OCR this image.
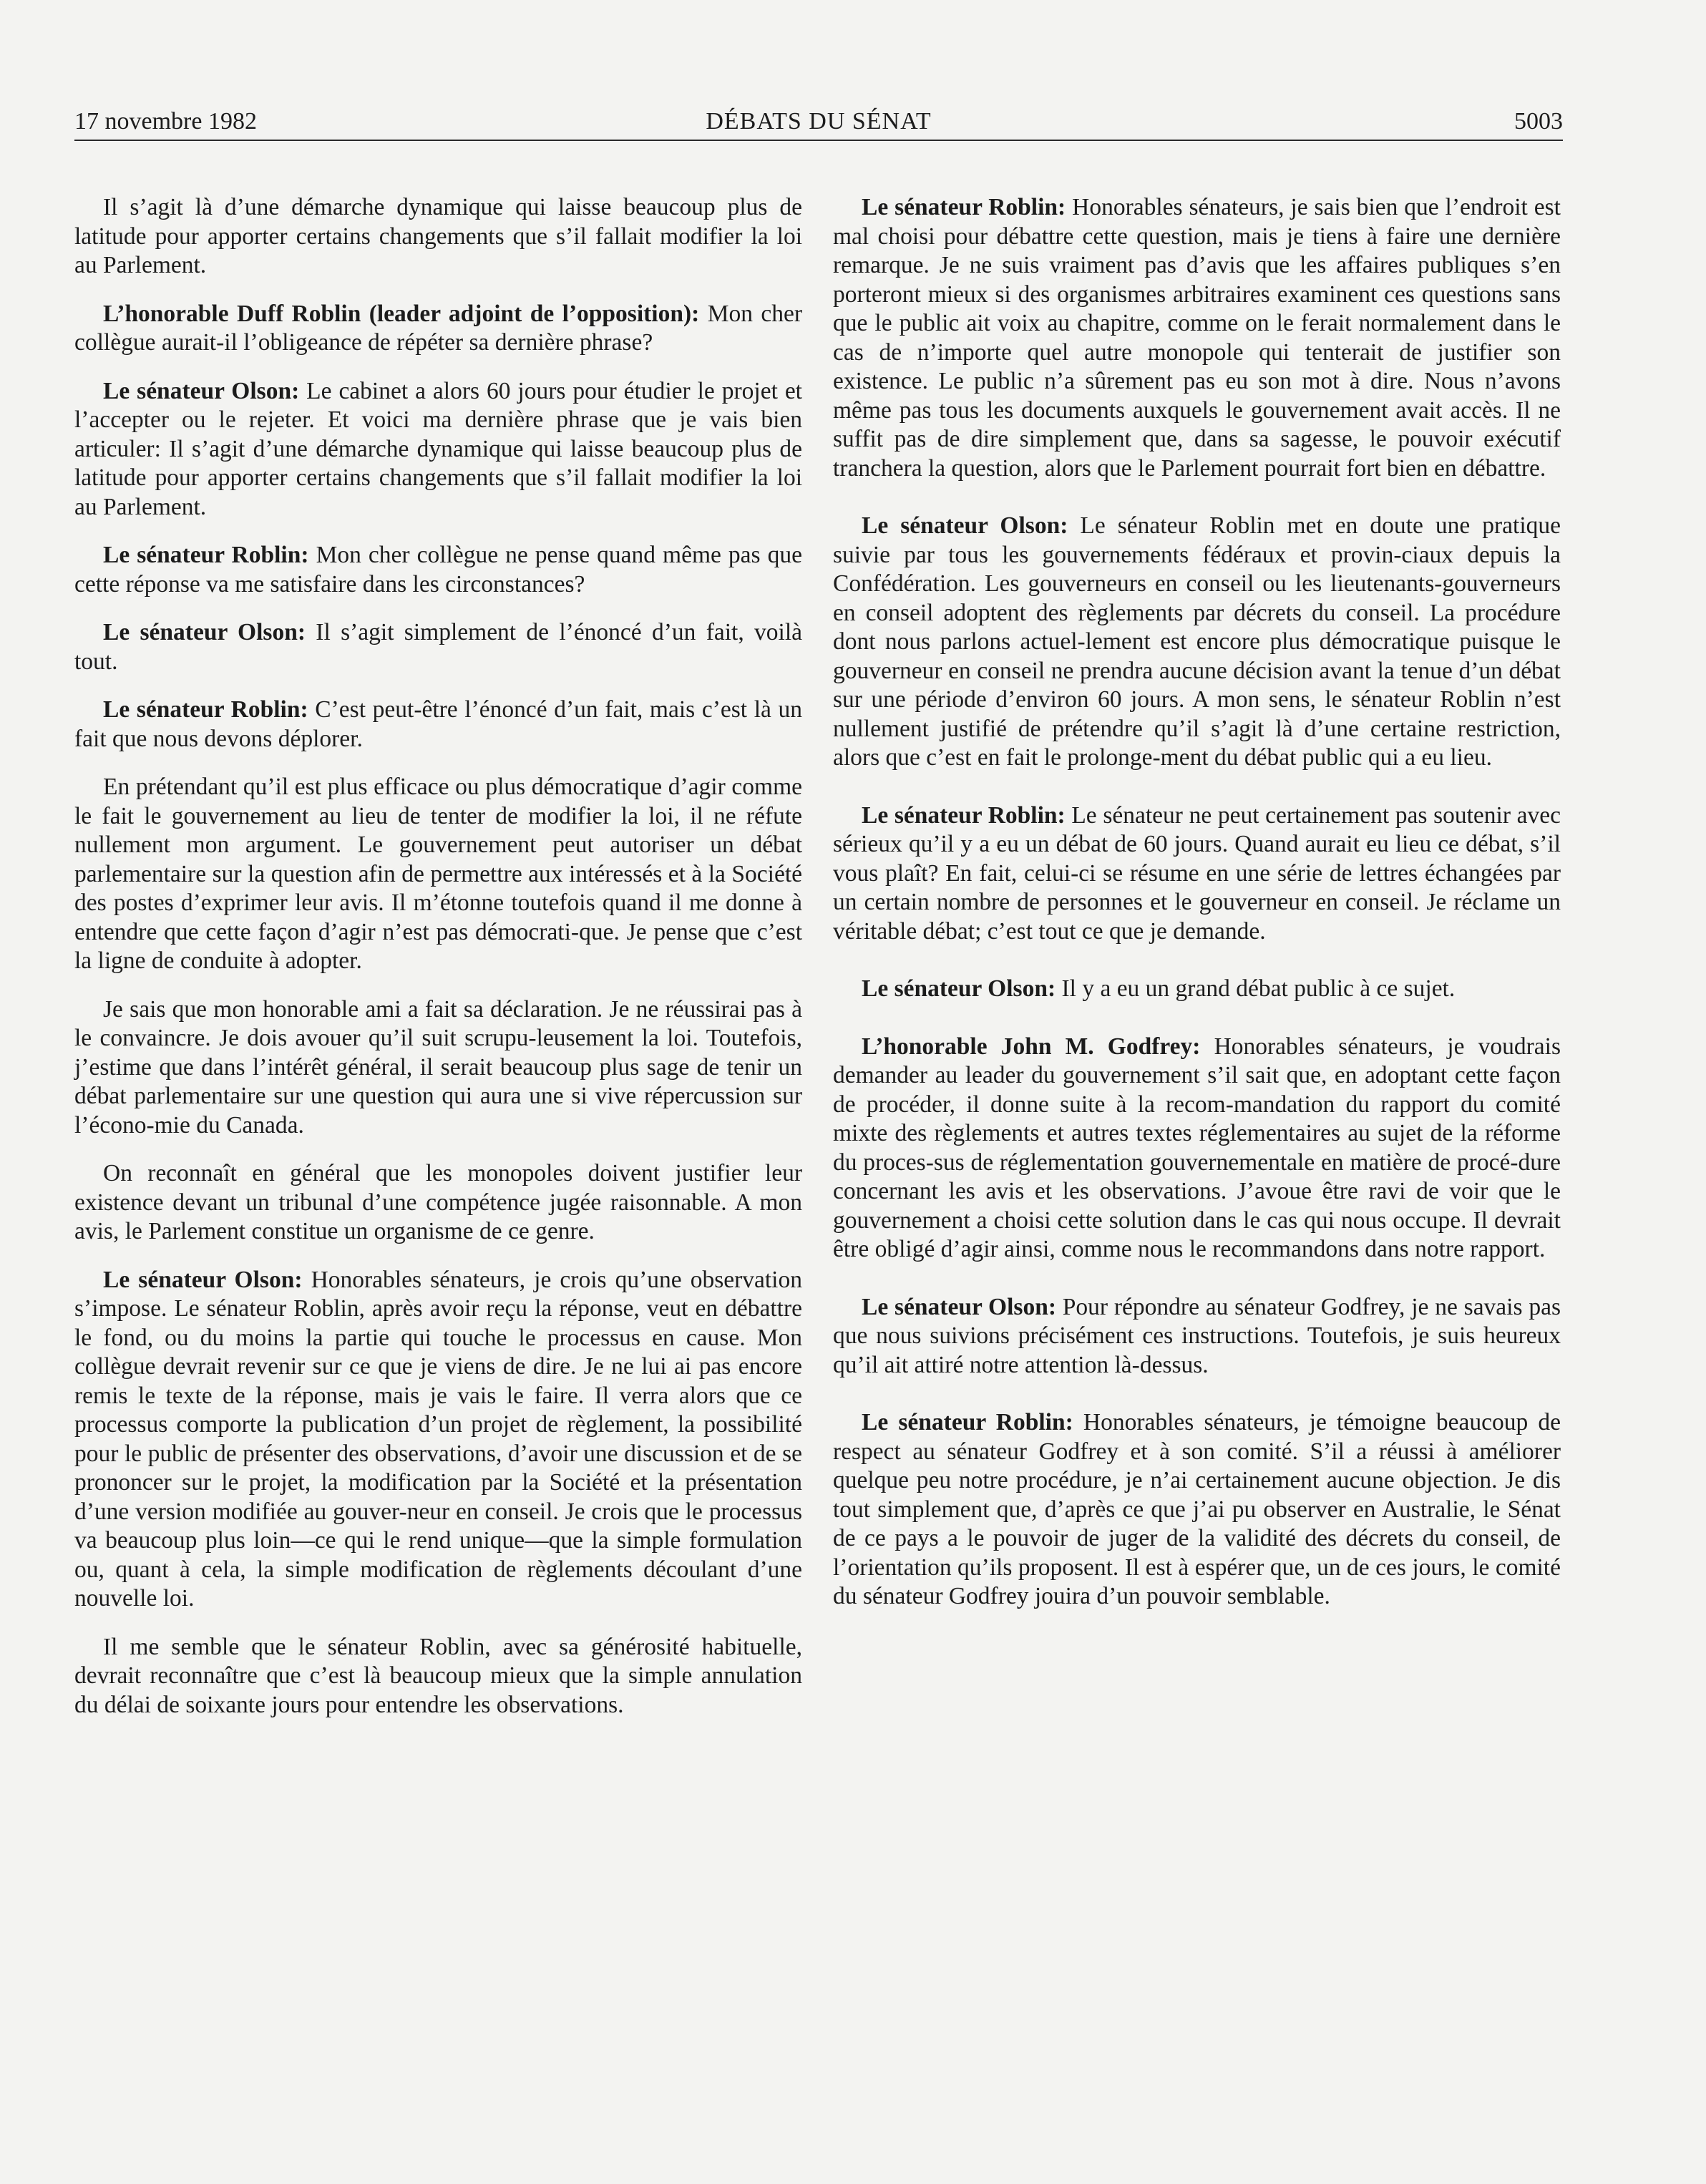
17 novembre 1982	DÉBATS DU SÉNAT	5003

Il s’agit là d’une démarche dynamique qui laisse beaucoup plus de latitude pour apporter certains changements que s’il fallait modifier la loi au Parlement.

L’honorable Duff Roblin (leader adjoint de l’opposition): Mon cher collègue aurait-il l’obligeance de répéter sa dernière phrase?

Le sénateur Olson: Le cabinet a alors 60 jours pour étudier le projet et l’accepter ou le rejeter. Et voici ma dernière phrase que je vais bien articuler: Il s’agit d’une démarche dynamique qui laisse beaucoup plus de latitude pour apporter certains changements que s’il fallait modifier la loi au Parlement.

Le sénateur Roblin: Mon cher collègue ne pense quand même pas que cette réponse va me satisfaire dans les circonstances?

Le sénateur Olson: Il s’agit simplement de l’énoncé d’un fait, voilà tout.

Le sénateur Roblin: C’est peut-être l’énoncé d’un fait, mais c’est là un fait que nous devons déplorer.

En prétendant qu’il est plus efficace ou plus démocratique d’agir comme le fait le gouvernement au lieu de tenter de modifier la loi, il ne réfute nullement mon argument. Le gouvernement peut autoriser un débat parlementaire sur la question afin de permettre aux intéressés et à la Société des postes d’exprimer leur avis. Il m’étonne toutefois quand il me donne à entendre que cette façon d’agir n’est pas démocrati-que. Je pense que c’est la ligne de conduite à adopter.

Je sais que mon honorable ami a fait sa déclaration. Je ne réussirai pas à le convaincre. Je dois avouer qu’il suit scrupu-leusement la loi. Toutefois, j’estime que dans l’intérêt général, il serait beaucoup plus sage de tenir un débat parlementaire sur une question qui aura une si vive répercussion sur l’écono-mie du Canada.

On reconnaît en général que les monopoles doivent justifier leur existence devant un tribunal d’une compétence jugée raisonnable. A mon avis, le Parlement constitue un organisme de ce genre.

Le sénateur Olson: Honorables sénateurs, je crois qu’une observation s’impose. Le sénateur Roblin, après avoir reçu la réponse, veut en débattre le fond, ou du moins la partie qui touche le processus en cause. Mon collègue devrait revenir sur ce que je viens de dire. Je ne lui ai pas encore remis le texte de la réponse, mais je vais le faire. Il verra alors que ce processus comporte la publication d’un projet de règlement, la possibilité pour le public de présenter des observations, d’avoir une discussion et de se prononcer sur le projet, la modification par la Société et la présentation d’une version modifiée au gouver-neur en conseil. Je crois que le processus va beaucoup plus loin—ce qui le rend unique—que la simple formulation ou, quant à cela, la simple modification de règlements découlant d’une nouvelle loi.

Il me semble que le sénateur Roblin, avec sa générosité habituelle, devrait reconnaître que c’est là beaucoup mieux que la simple annulation du délai de soixante jours pour entendre les observations.

Le sénateur Roblin: Honorables sénateurs, je sais bien que l’endroit est mal choisi pour débattre cette question, mais je tiens à faire une dernière remarque. Je ne suis vraiment pas d’avis que les affaires publiques s’en porteront mieux si des organismes arbitraires examinent ces questions sans que le public ait voix au chapitre, comme on le ferait normalement dans le cas de n’importe quel autre monopole qui tenterait de justifier son existence. Le public n’a sûrement pas eu son mot à dire. Nous n’avons même pas tous les documents auxquels le gouvernement avait accès. Il ne suffit pas de dire simplement que, dans sa sagesse, le pouvoir exécutif tranchera la question, alors que le Parlement pourrait fort bien en débattre.

Le sénateur Olson: Le sénateur Roblin met en doute une pratique suivie par tous les gouvernements fédéraux et provin-ciaux depuis la Confédération. Les gouverneurs en conseil ou les lieutenants-gouverneurs en conseil adoptent des règlements par décrets du conseil. La procédure dont nous parlons actuel-lement est encore plus démocratique puisque le gouverneur en conseil ne prendra aucune décision avant la tenue d’un débat sur une période d’environ 60 jours. A mon sens, le sénateur Roblin n’est nullement justifié de prétendre qu’il s’agit là d’une certaine restriction, alors que c’est en fait le prolonge-ment du débat public qui a eu lieu.

Le sénateur Roblin: Le sénateur ne peut certainement pas soutenir avec sérieux qu’il y a eu un débat de 60 jours. Quand aurait eu lieu ce débat, s’il vous plaît? En fait, celui-ci se résume en une série de lettres échangées par un certain nombre de personnes et le gouverneur en conseil. Je réclame un véritable débat; c’est tout ce que je demande.

Le sénateur Olson: Il y a eu un grand débat public à ce sujet.

L’honorable John M. Godfrey: Honorables sénateurs, je voudrais demander au leader du gouvernement s’il sait que, en adoptant cette façon de procéder, il donne suite à la recom-mandation du rapport du comité mixte des règlements et autres textes réglementaires au sujet de la réforme du proces-sus de réglementation gouvernementale en matière de procé-dure concernant les avis et les observations. J’avoue être ravi de voir que le gouvernement a choisi cette solution dans le cas qui nous occupe. Il devrait être obligé d’agir ainsi, comme nous le recommandons dans notre rapport.

Le sénateur Olson: Pour répondre au sénateur Godfrey, je ne savais pas que nous suivions précisément ces instructions. Toutefois, je suis heureux qu’il ait attiré notre attention là-dessus.

Le sénateur Roblin: Honorables sénateurs, je témoigne beaucoup de respect au sénateur Godfrey et à son comité. S’il a réussi à améliorer quelque peu notre procédure, je n’ai certainement aucune objection. Je dis tout simplement que, d’après ce que j’ai pu observer en Australie, le Sénat de ce pays a le pouvoir de juger de la validité des décrets du conseil, de l’orientation qu’ils proposent. Il est à espérer que, un de ces jours, le comité du sénateur Godfrey jouira d’un pouvoir semblable.
